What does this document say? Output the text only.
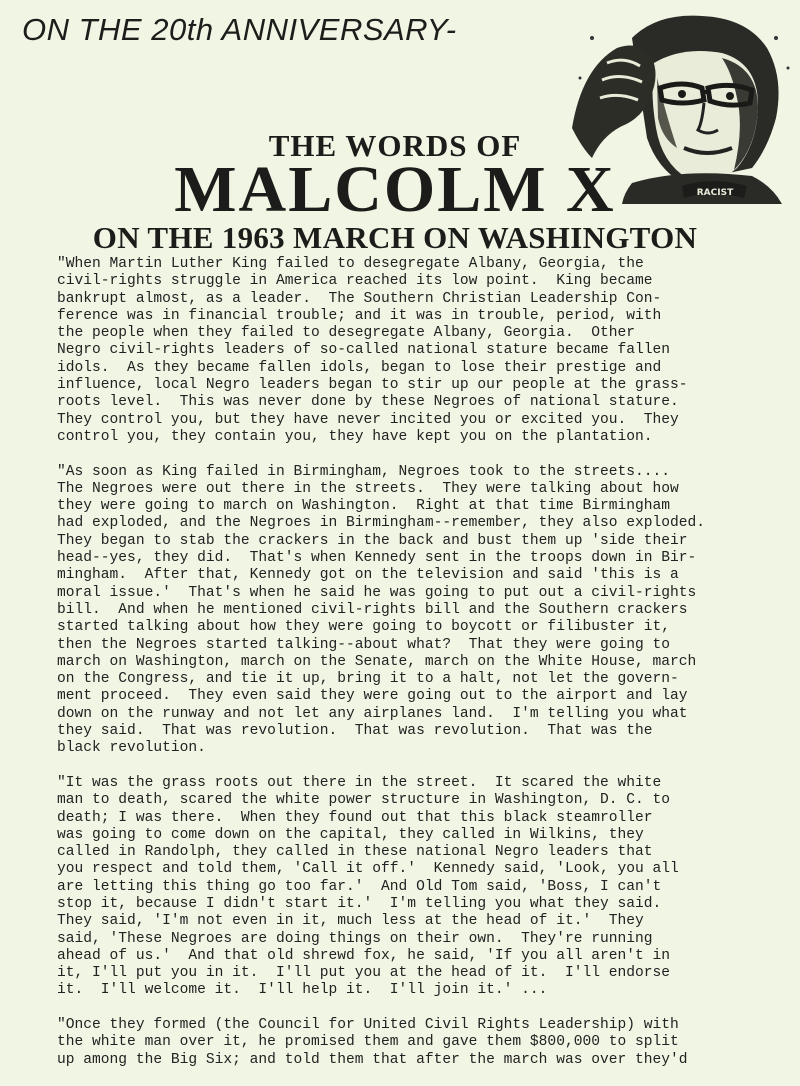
ON THE 20th ANNIVERSARY-
RACIST
THE WORDS OF
MALCOLM X
ON THE 1963 MARCH ON WASHINGTON
"When Martin Luther King failed to desegregate Albany, Georgia, the
civil-rights struggle in America reached its low point.  King became
bankrupt almost, as a leader.  The Southern Christian Leadership Con-
ference was in financial trouble; and it was in trouble, period, with
the people when they failed to desegregate Albany, Georgia.  Other
Negro civil-rights leaders of so-called national stature became fallen
idols.  As they became fallen idols, began to lose their prestige and
influence, local Negro leaders began to stir up our people at the grass-
roots level.  This was never done by these Negroes of national stature.
They control you, but they have never incited you or excited you.  They
control you, they contain you, they have kept you on the plantation.
"As soon as King failed in Birmingham, Negroes took to the streets....
The Negroes were out there in the streets.  They were talking about how
they were going to march on Washington.  Right at that time Birmingham
had exploded, and the Negroes in Birmingham--remember, they also exploded.
They began to stab the crackers in the back and bust them up 'side their
head--yes, they did.  That's when Kennedy sent in the troops down in Bir-
mingham.  After that, Kennedy got on the television and said 'this is a
moral issue.'  That's when he said he was going to put out a civil-rights
bill.  And when he mentioned civil-rights bill and the Southern crackers
started talking about how they were going to boycott or filibuster it,
then the Negroes started talking--about what?  That they were going to
march on Washington, march on the Senate, march on the White House, march
on the Congress, and tie it up, bring it to a halt, not let the govern-
ment proceed.  They even said they were going out to the airport and lay
down on the runway and not let any airplanes land.  I'm telling you what
they said.  That was revolution.  That was revolution.  That was the
black revolution.
"It was the grass roots out there in the street.  It scared the white
man to death, scared the white power structure in Washington, D. C. to
death; I was there.  When they found out that this black steamroller
was going to come down on the capital, they called in Wilkins, they
called in Randolph, they called in these national Negro leaders that
you respect and told them, 'Call it off.'  Kennedy said, 'Look, you all
are letting this thing go too far.'  And Old Tom said, 'Boss, I can't
stop it, because I didn't start it.'  I'm telling you what they said.
They said, 'I'm not even in it, much less at the head of it.'  They
said, 'These Negroes are doing things on their own.  They're running
ahead of us.'  And that old shrewd fox, he said, 'If you all aren't in
it, I'll put you in it.  I'll put you at the head of it.  I'll endorse
it.  I'll welcome it.  I'll help it.  I'll join it.' ...
"Once they formed (the Council for United Civil Rights Leadership) with
the white man over it, he promised them and gave them $800,000 to split
up among the Big Six; and told them that after the march was over they'd
